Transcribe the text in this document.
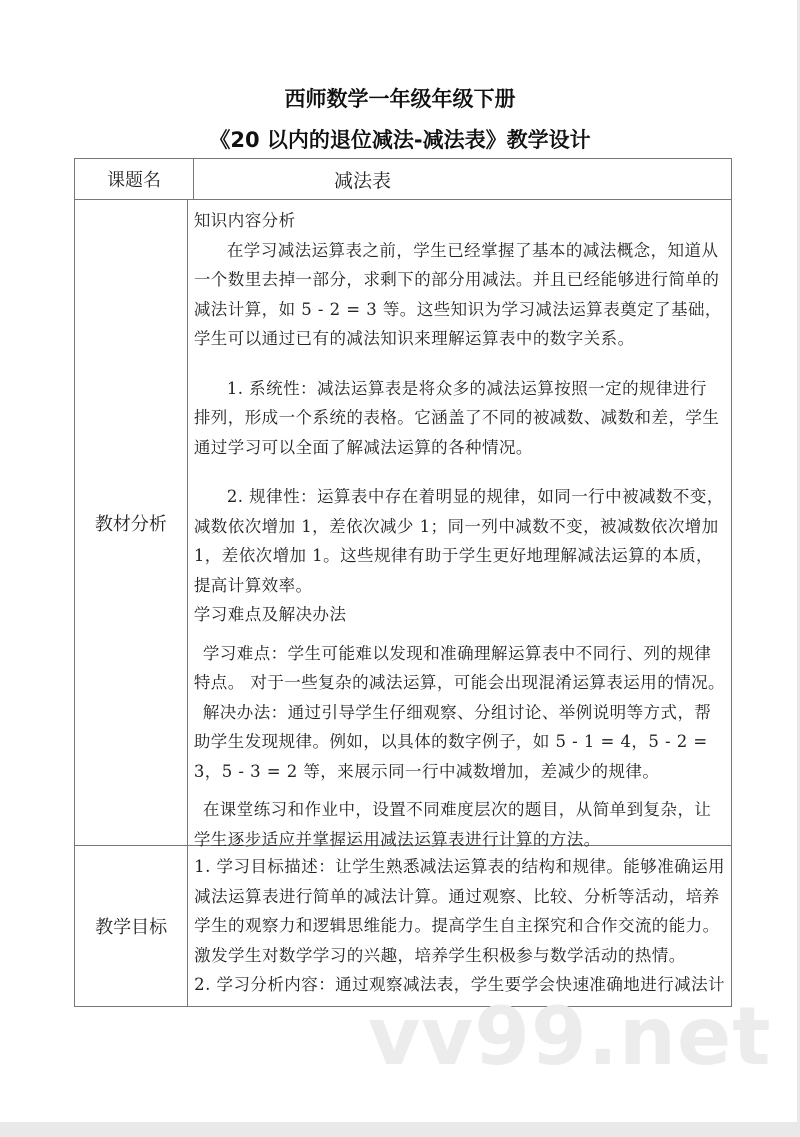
西师数学一年级年级下册
《20 以内的退位减法-减法表》教学设计
课题名	减法表
教材分析
知识内容分析
在学习减法运算表之前，学生已经掌握了基本的减法概念，知道从
一个数里去掉一部分，求剩下的部分用减法。并且已经能够进行简单的
减法计算，如 5 - 2 = 3 等。这些知识为学习减法运算表奠定了基础，
学生可以通过已有的减法知识来理解运算表中的数字关系。
1. 系统性：减法运算表是将众多的减法运算按照一定的规律进行
排列，形成一个系统的表格。它涵盖了不同的被减数、减数和差，学生
通过学习可以全面了解减法运算的各种情况。
2. 规律性：运算表中存在着明显的规律，如同一行中被减数不变，
减数依次增加 1，差依次减少 1；同一列中减数不变，被减数依次增加
1，差依次增加 1。这些规律有助于学生更好地理解减法运算的本质，
提高计算效率。
学习难点及解决办法
学习难点：学生可能难以发现和准确理解运算表中不同行、列的规律
特点。 对于一些复杂的减法运算，可能会出现混淆运算表运用的情况。
解决办法：通过引导学生仔细观察、分组讨论、举例说明等方式，帮
助学生发现规律。例如，以具体的数字例子，如 5 - 1 = 4，5 - 2 =
3，5 - 3 = 2 等，来展示同一行中减数增加，差减少的规律。
在课堂练习和作业中，设置不同难度层次的题目，从简单到复杂，让
学生逐步适应并掌握运用减法运算表进行计算的方法。
教学目标
1. 学习目标描述：让学生熟悉减法运算表的结构和规律。能够准确运用
减法运算表进行简单的减法计算。通过观察、比较、分析等活动，培养
学生的观察力和逻辑思维能力。提高学生自主探究和合作交流的能力。
激发学生对数学学习的兴趣，培养学生积极参与数学活动的热情。
2. 学习分析内容：通过观察减法表，学生要学会快速准确地进行减法计
vv99.net
